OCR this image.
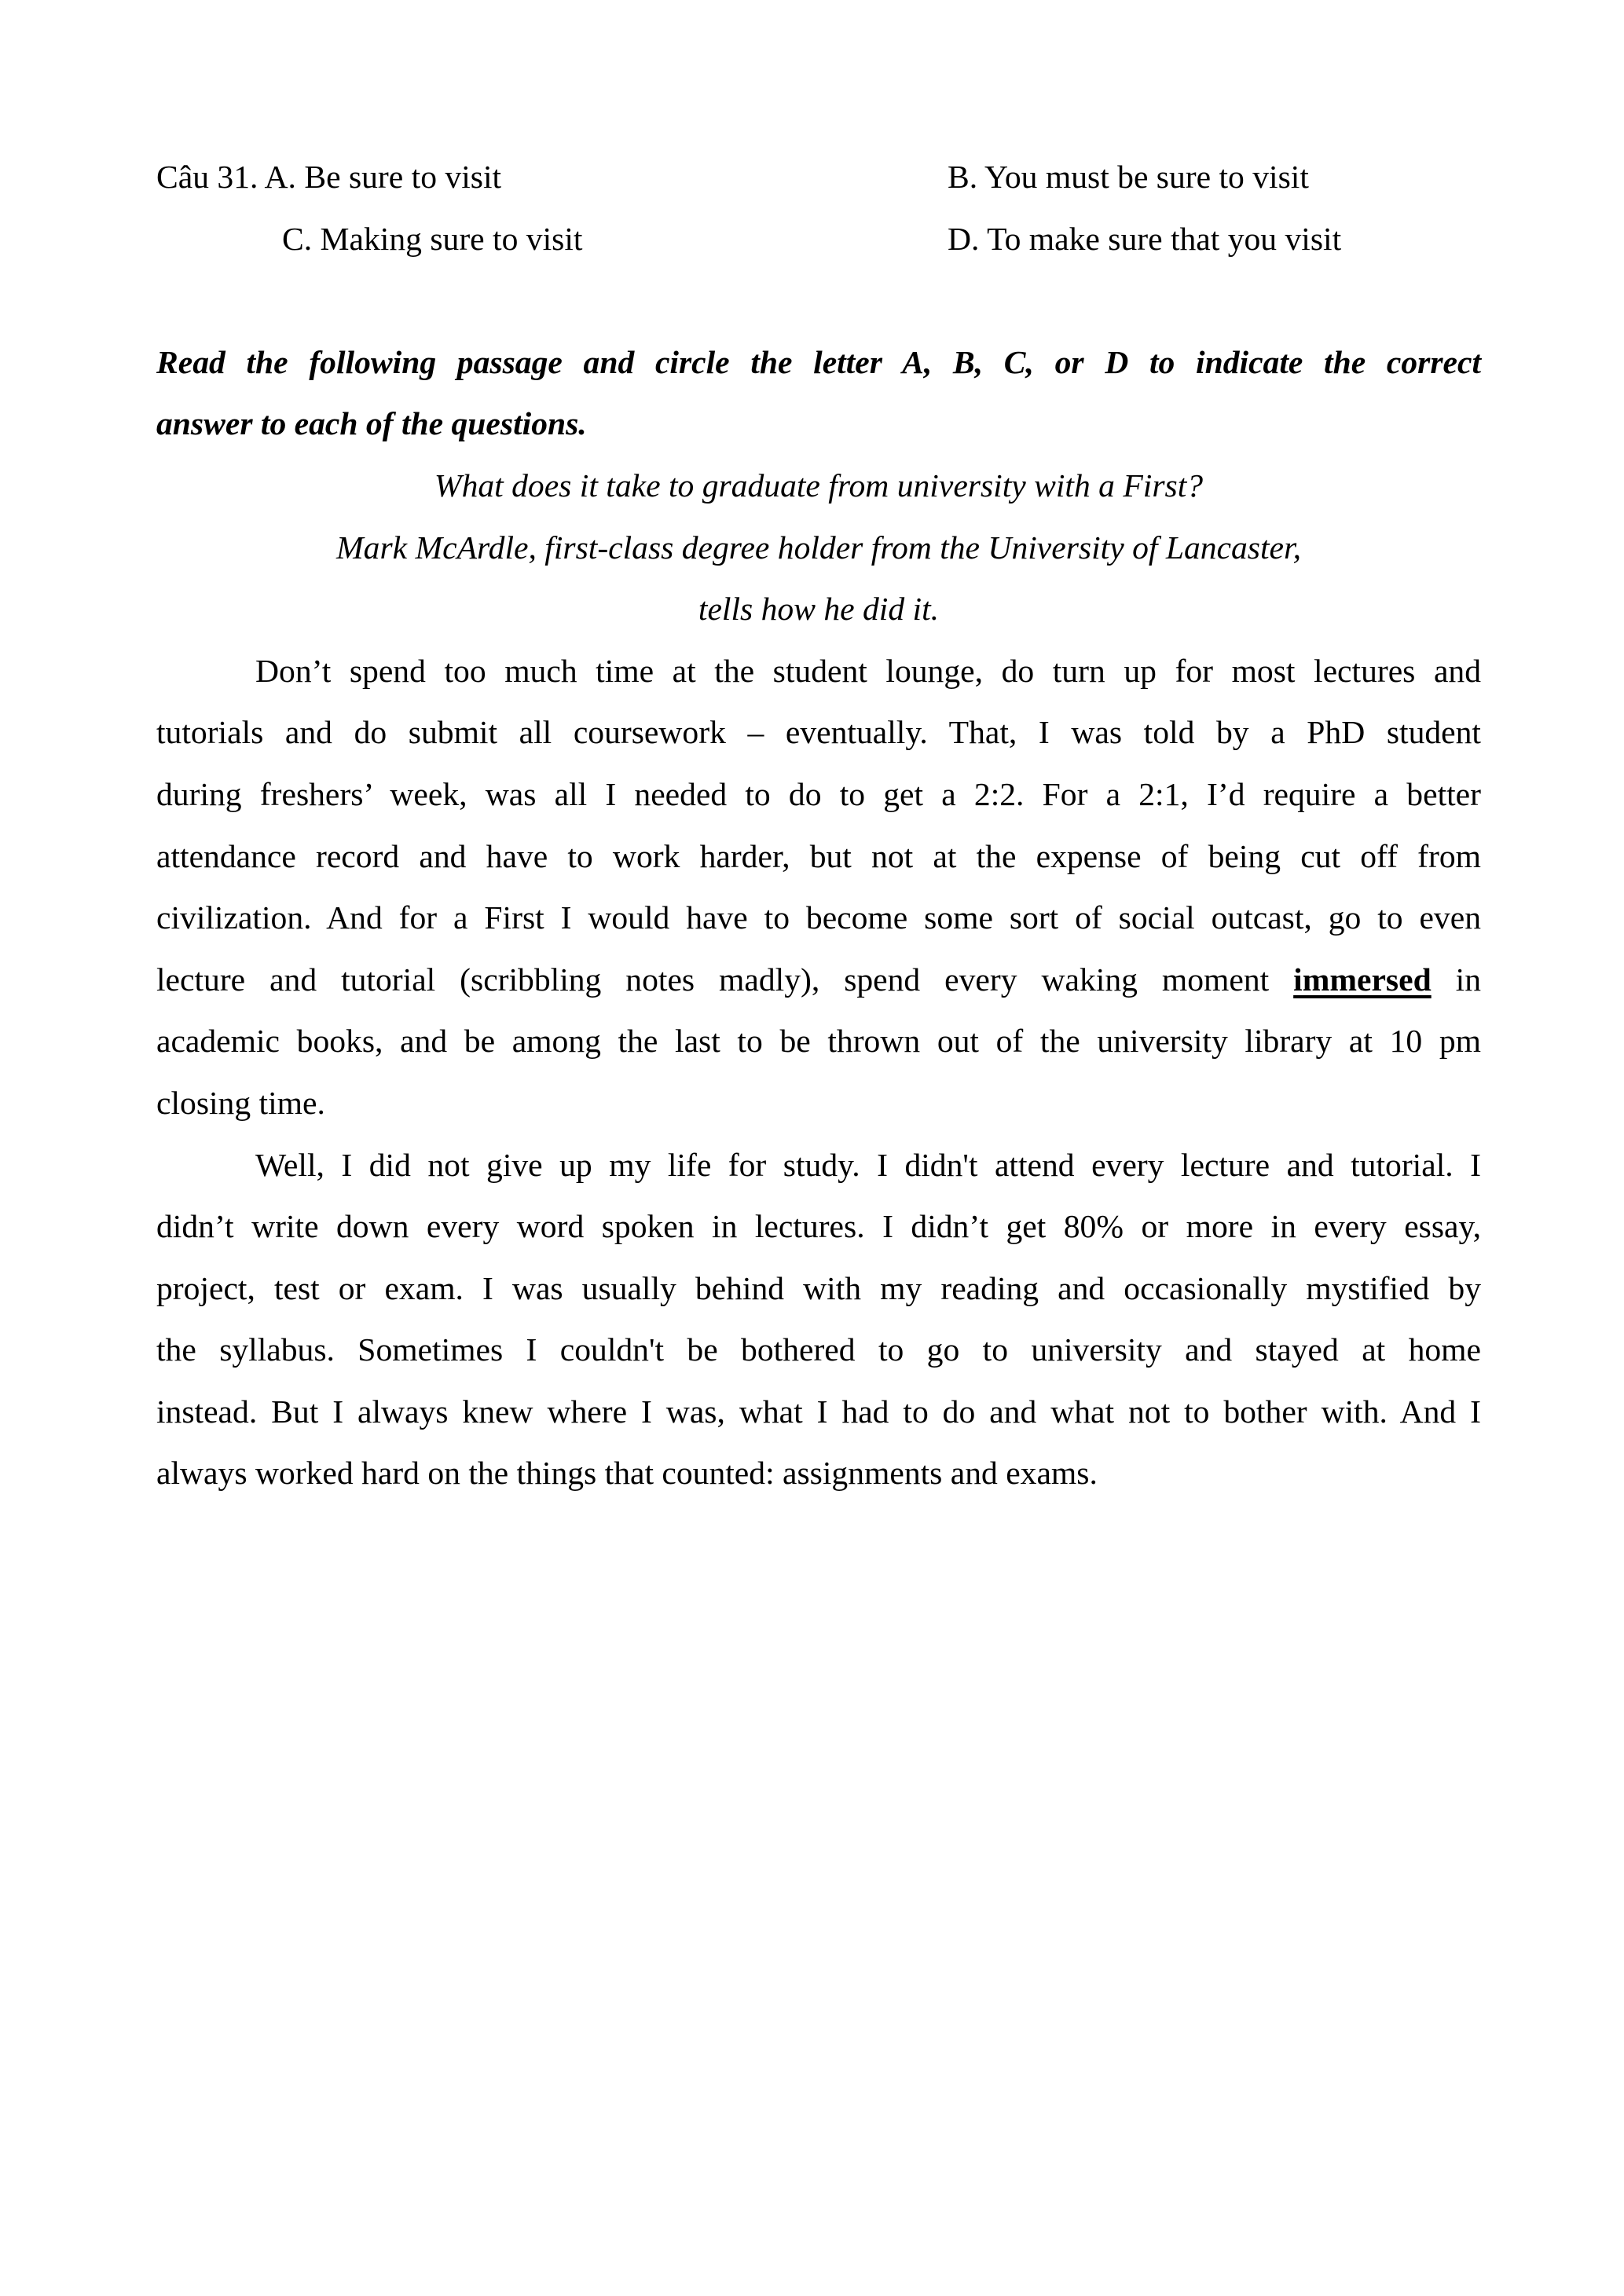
Câu 31. A. Be sure to visit	B. You must be sure to visit
C. Making sure to visit	D. To make sure that you visit
Read the following passage and circle the letter A, B, C, or D to indicate the correct
answer to each of the questions.
What does it take to graduate from university with a First?
Mark McArdle, first-class degree holder from the University of Lancaster,
tells how he did it.
Don’t spend too much time at the student lounge, do turn up for most lectures and
tutorials and do submit all coursework – eventually. That, I was told by a PhD student
during freshers’ week, was all I needed to do to get a 2:2. For a 2:1, I’d require a better
attendance record and have to work harder, but not at the expense of being cut off from
civilization. And for a First I would have to become some sort of social outcast, go to even
lecture and tutorial (scribbling notes madly), spend every waking moment immersed in
academic books, and be among the last to be thrown out of the university library at 10 pm
closing time.
Well, I did not give up my life for study. I didn't attend every lecture and tutorial. I
didn’t write down every word spoken in lectures. I didn’t get 80% or more in every essay,
project, test or exam. I was usually behind with my reading and occasionally mystified by
the syllabus. Sometimes I couldn't be bothered to go to university and stayed at home
instead. But I always knew where I was, what I had to do and what not to bother with. And I
always worked hard on the things that counted: assignments and exams.
